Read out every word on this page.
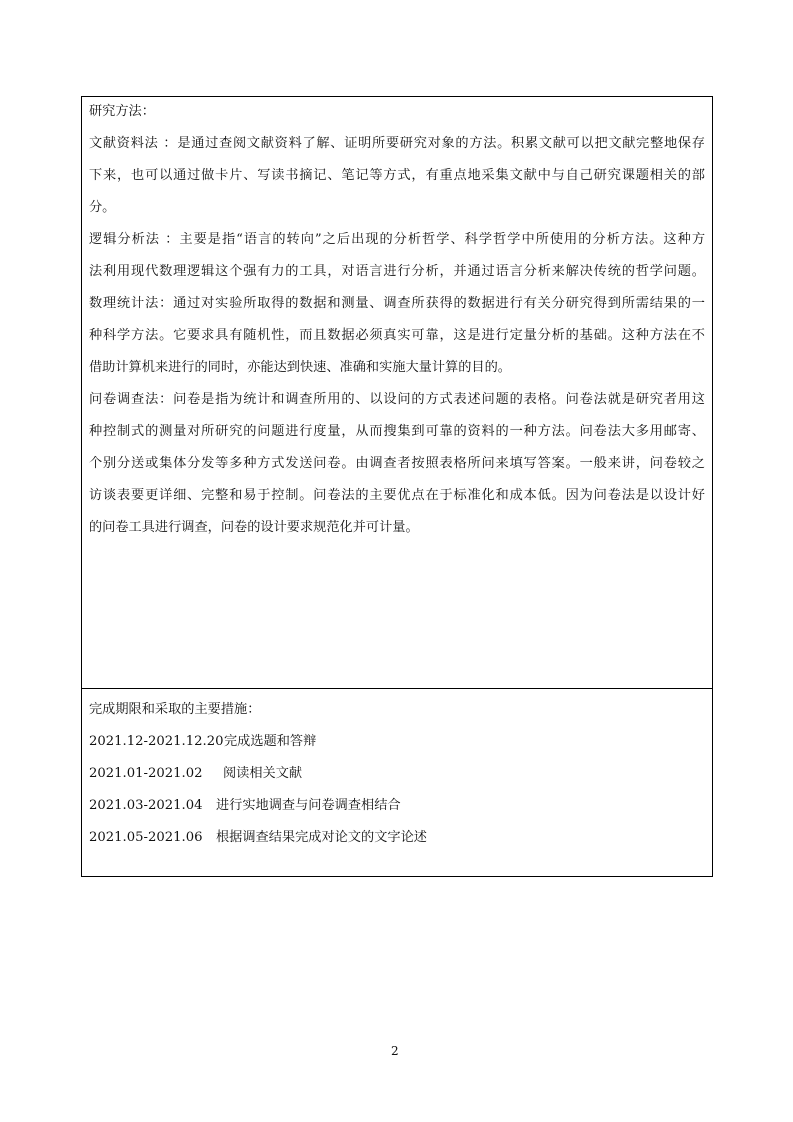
研究方法：
文献资料法 ：是通过查阅文献资料了解、证明所要研究对象的方法。积累文献可以把文献完整地保存
下来，也可以通过做卡片、写读书摘记、笔记等方式，有重点地采集文献中与自己研究课题相关的部
分。
逻辑分析法 ：主要是指“语言的转向”之后出现的分析哲学、科学哲学中所使用的分析方法。这种方
法利用现代数理逻辑这个强有力的工具，对语言进行分析，并通过语言分析来解决传统的哲学问题。
数理统计法：通过对实验所取得的数据和测量、调查所获得的数据进行有关分研究得到所需结果的一
种科学方法。它要求具有随机性，而且数据必须真实可靠，这是进行定量分析的基础。这种方法在不
借助计算机来进行的同时，亦能达到快速、准确和实施大量计算的目的。
问卷调查法：问卷是指为统计和调查所用的、以设问的方式表述问题的表格。问卷法就是研究者用这
种控制式的测量对所研究的问题进行度量，从而搜集到可靠的资料的一种方法。问卷法大多用邮寄、
个别分送或集体分发等多种方式发送问卷。由调查者按照表格所问来填写答案。一般来讲，问卷较之
访谈表要更详细、完整和易于控制。问卷法的主要优点在于标准化和成本低。因为问卷法是以设计好
的问卷工具进行调查，问卷的设计要求规范化并可计量。
完成期限和采取的主要措施：
2021.12-2021.12.20 完成选题和答辩
2021.01-2021.02 阅读相关文献
2021.03-2021.04 进行实地调查与问卷调查相结合
2021.05-2021.06 根据调查结果完成对论文的文字论述
2
